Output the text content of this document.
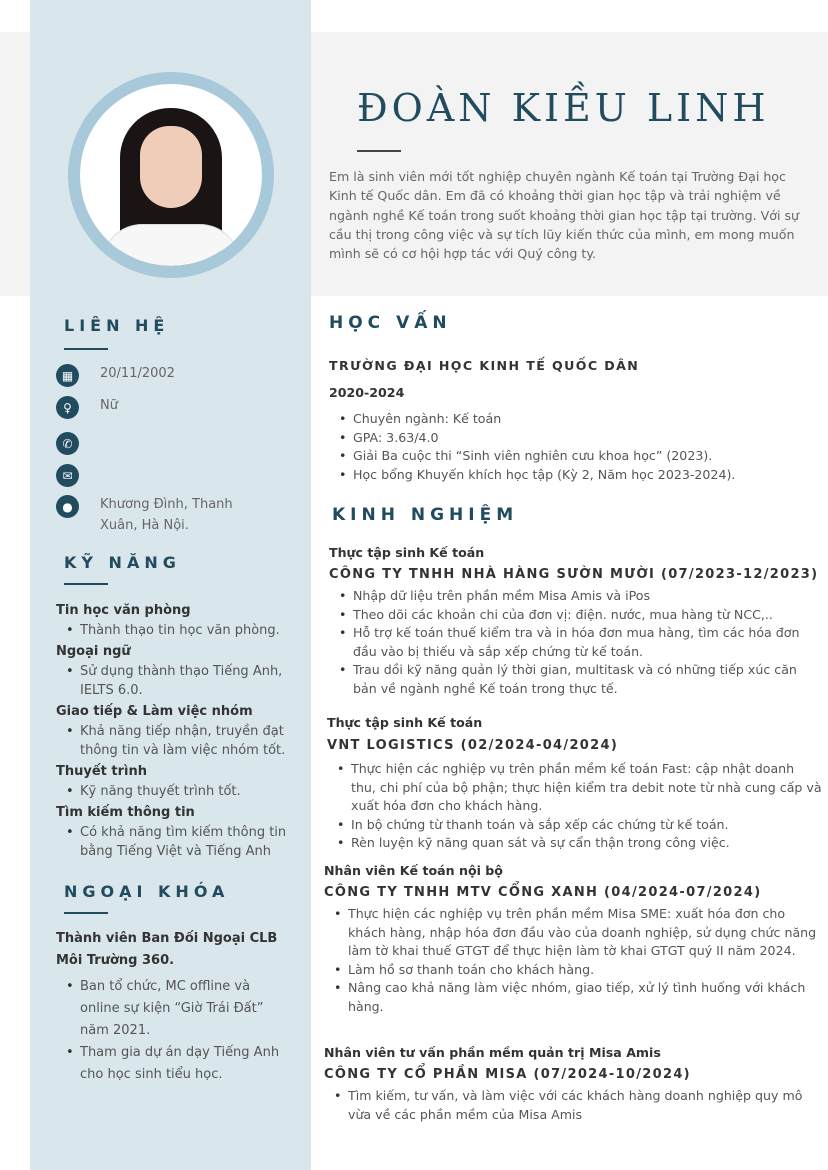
ĐOÀN KIỀU LINH

Em là sinh viên mới tốt nghiệp chuyên ngành Kế toán tại Trường Đại học Kinh tế Quốc dân. Em đã có khoảng thời gian học tập và trải nghiệm về ngành nghề Kế toán trong suốt khoảng thời gian học tập tại trường. Với sự cầu thị trong công việc và sự tích lũy kiến thức của mình, em mong muốn mình sẽ có cơ hội hợp tác với Quý công ty.

LIÊN HỆ
▦	20/11/2002
♀	Nữ
✆
✉
●	Khương Đình, Thanh Xuân, Hà Nội.
KỸ NĂNG
Tin học văn phòng
• Thành thạo tin học văn phòng.
Ngoại ngữ
• Sử dụng thành thạo Tiếng Anh, IELTS 6.0.
Giao tiếp & Làm việc nhóm
• Khả năng tiếp nhận, truyền đạt thông tin và làm việc nhóm tốt.
Thuyết trình
• Kỹ năng thuyết trình tốt.
Tìm kiếm thông tin
• Có khả năng tìm kiếm thông tin bằng Tiếng Việt và Tiếng Anh
NGOẠI KHÓA
Thành viên Ban Đối Ngoại CLB Môi Trường 360.
• Ban tổ chức, MC offline và online sự kiện “Giờ Trái Đất” năm 2021.
• Tham gia dự án dạy Tiếng Anh cho học sinh tiểu học.
HỌC VẤN
TRƯỜNG ĐẠI HỌC KINH TẾ QUỐC DÂN
2020-2024
• Chuyên ngành: Kế toán
• GPA: 3.63/4.0
• Giải Ba cuộc thi “Sinh viên nghiên cưu khoa học” (2023).
• Học bổng Khuyến khích học tập (Kỳ 2, Năm học 2023-2024).
KINH NGHIỆM
Thực tập sinh Kế toán
CÔNG TY TNHH NHÀ HÀNG SƯỜN MƯỜI (07/2023-12/2023)
• Nhập dữ liệu trên phần mềm Misa Amis và iPos
• Theo dõi các khoản chi của đơn vị: điện. nước, mua hàng từ NCC,..
• Hỗ trợ kế toán thuế kiểm tra và in hóa đơn mua hàng, tìm các hóa đơn đầu vào bị thiếu và sắp xếp chứng từ kế toán.
• Trau dồi kỹ năng quản lý thời gian, multitask và có những tiếp xúc căn bản về ngành nghề Kế toán trong thực tế.
Thực tập sinh Kế toán
VNT LOGISTICS (02/2024-04/2024)
• Thực hiện các nghiệp vụ trên phần mềm kế toán Fast: cập nhật doanh thu, chi phí của bộ phận; thực hiện kiểm tra debit note từ nhà cung cấp và xuất hóa đơn cho khách hàng.
• In bộ chứng từ thanh toán và sắp xếp các chứng từ kế toán.
• Rèn luyện kỹ năng quan sát và sự cẩn thận trong công việc.
Nhân viên Kế toán nội bộ
CÔNG TY TNHH MTV CỔNG XANH (04/2024-07/2024)
• Thực hiện các nghiệp vụ trên phần mềm Misa SME: xuất hóa đơn cho khách hàng, nhập hóa đơn đầu vào của doanh nghiệp, sử dụng chức năng làm tờ khai thuế GTGT để thực hiện làm tờ khai GTGT quý II năm 2024.
• Làm hồ sơ thanh toán cho khách hàng.
• Nâng cao khả năng làm việc nhóm, giao tiếp, xử lý tình huống với khách hàng.
Nhân viên tư vấn phần mềm quản trị Misa Amis
CÔNG TY CỔ PHẦN MISA (07/2024-10/2024)
• Tìm kiếm, tư vấn, và làm việc với các khách hàng doanh nghiệp quy mô vừa về các phần mềm của Misa Amis
